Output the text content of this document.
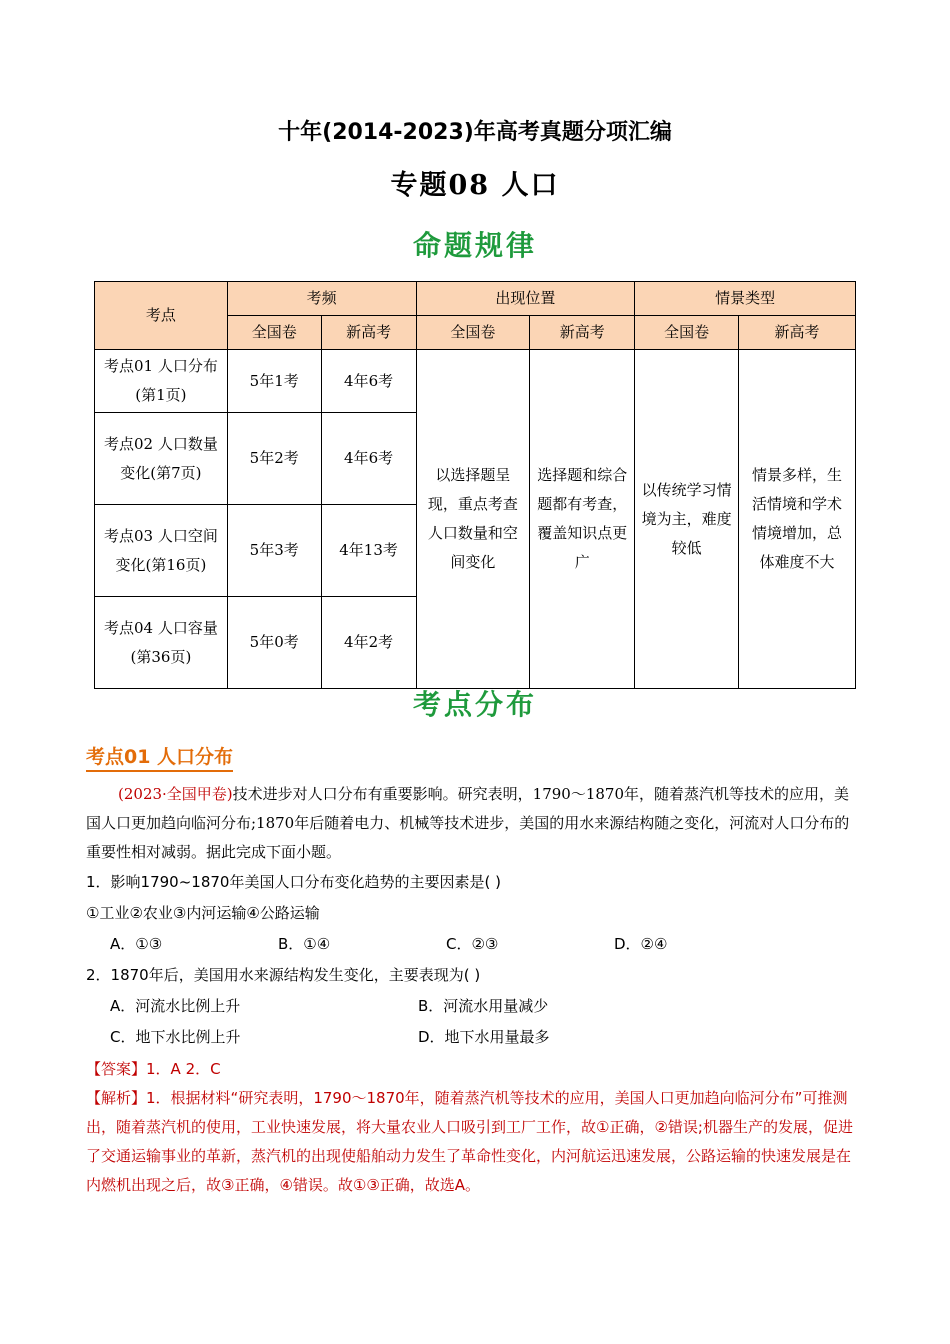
十年(2014-2023)年高考真题分项汇编
专题08 人口
命题规律
考点	考频		出现位置		情景类型	
	全国卷	新高考	全国卷	新高考	全国卷	新高考
考点01 人口分布(第1页)	5年1考	4年6考	以选择题呈现，重点考查人口数量和空间变化	选择题和综合题都有考查，覆盖知识点更广	以传统学习情境为主，难度较低	情景多样，生活情境和学术情境增加，总体难度不大
考点02 人口数量变化(第7页)	5年2考	4年6考				
考点03 人口空间变化(第16页)	5年3考	4年13考				
考点04 人口容量(第36页)	5年0考	4年2考				
考点分布
考点01 人口分布

(2023·全国甲卷)技术进步对人口分布有重要影响。研究表明，1790～1870年，随着蒸汽机等技术的应用，美国人口更加趋向临河分布;1870年后随着电力、机械等技术进步，美国的用水来源结构随之变化，河流对人口分布的重要性相对减弱。据此完成下面小题。

1．影响1790~1870年美国人口分布变化趋势的主要因素是( )

①工业②农业③内河运输④公路运输

A．①③	B．①④	C．②③	D．②④

2．1870年后，美国用水来源结构发生变化，主要表现为( )

A．河流水比例上升	B．河流水用量减少
C．地下水比例上升	D．地下水用量最多

【答案】1．A 2．C

【解析】1．根据材料“研究表明，1790～1870年，随着蒸汽机等技术的应用，美国人口更加趋向临河分布”可推测出，随着蒸汽机的使用，工业快速发展，将大量农业人口吸引到工厂工作，故①正确，②错误;机器生产的发展，促进了交通运输事业的革新，蒸汽机的出现使船舶动力发生了革命性变化，内河航运迅速发展，公路运输的快速发展是在内燃机出现之后，故③正确，④错误。故①③正确，故选A。
